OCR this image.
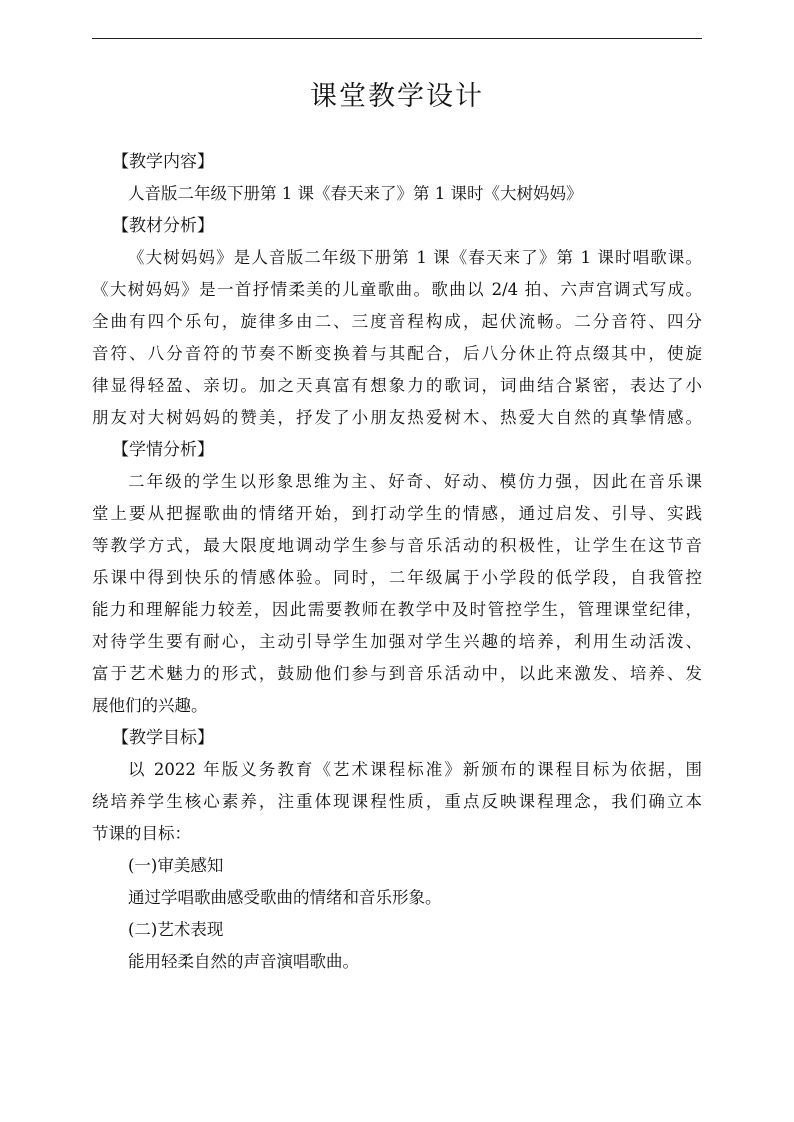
课堂教学设计
【教学内容】
人音版二年级下册第 1 课《春天来了》第 1 课时《大树妈妈》
【教材分析】
《大树妈妈》是人音版二年级下册第 1 课《春天来了》第 1 课时唱歌课。
《大树妈妈》是一首抒情柔美的儿童歌曲。歌曲以 2/4 拍、六声宫调式写成。
全曲有四个乐句，旋律多由二、三度音程构成，起伏流畅。二分音符、四分
音符、八分音符的节奏不断变换着与其配合，后八分休止符点缀其中，使旋
律显得轻盈、亲切。加之天真富有想象力的歌词，词曲结合紧密，表达了小
朋友对大树妈妈的赞美，抒发了小朋友热爱树木、热爱大自然的真挚情感。
【学情分析】
二年级的学生以形象思维为主、好奇、好动、模仿力强，因此在音乐课
堂上要从把握歌曲的情绪开始，到打动学生的情感，通过启发、引导、实践
等教学方式，最大限度地调动学生参与音乐活动的积极性，让学生在这节音
乐课中得到快乐的情感体验。同时，二年级属于小学段的低学段，自我管控
能力和理解能力较差，因此需要教师在教学中及时管控学生，管理课堂纪律，
对待学生要有耐心，主动引导学生加强对学生兴趣的培养，利用生动活泼、
富于艺术魅力的形式，鼓励他们参与到音乐活动中，以此来激发、培养、发
展他们的兴趣。
【教学目标】
以 2022 年版义务教育《艺术课程标准》新颁布的课程目标为依据，围
绕培养学生核心素养，注重体现课程性质，重点反映课程理念，我们确立本
节课的目标：
(一)审美感知
通过学唱歌曲感受歌曲的情绪和音乐形象。
(二)艺术表现
能用轻柔自然的声音演唱歌曲。
